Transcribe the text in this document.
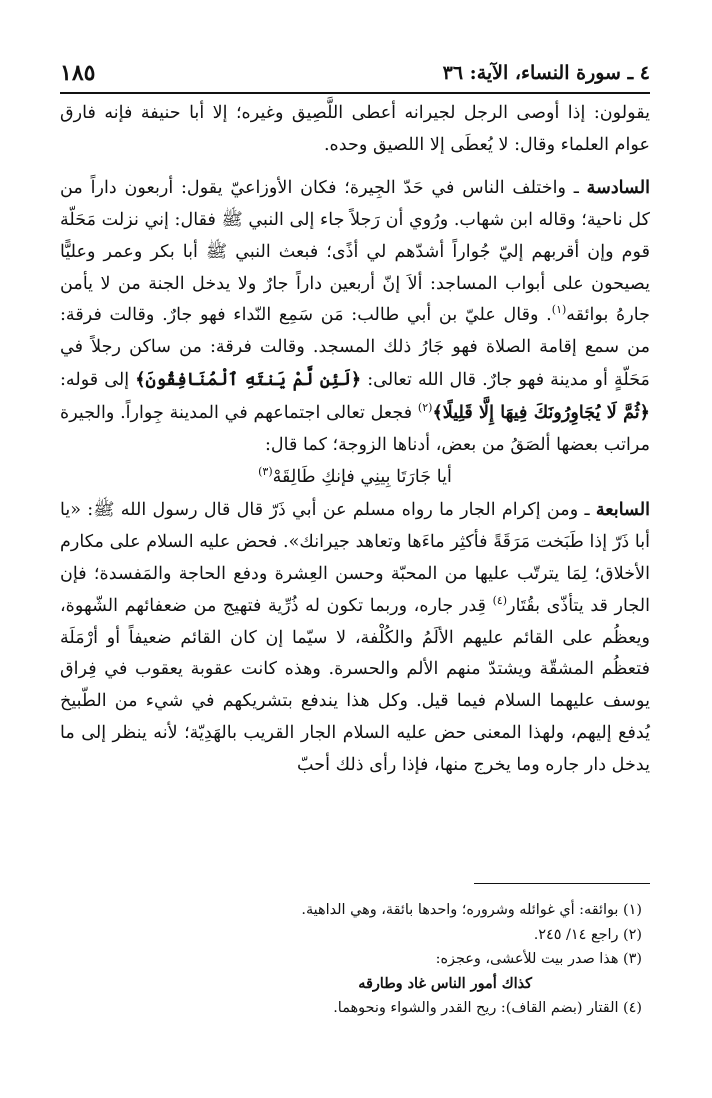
٤ ـ سورة النساء، الآية: ٣٦
١٨٥

يقولون: إذا أوصى الرجل لجيرانه أعطى اللَّصِيق وغيره؛ إلا أبا حنيفة فإنه فارق عوام العلماء وقال: لا يُعطَى إلا اللصيق وحده.

السادسة ـ واختلف الناس في حَدّ الجِيرة؛ فكان الأوزاعيّ يقول: أربعون داراً من كل ناحية؛ وقاله ابن شهاب. ورُوي أن رَجلاً جاء إلى النبي ﷺ فقال: إني نزلت مَحَلّة قوم وإن أقربهم إليّ جُواراً أشدّهم لي أذًى؛ فبعث النبي ﷺ أبا بكر وعمر وعليًّا يصيحون على أبواب المساجد: ألاَ إنّ أربعين داراً جارٌ ولا يدخل الجنة من لا يأمن جارهُ بوائقه$^{(١)}$. وقال عليّ بن أبي طالب: مَن سَمِع النّداء فهو جارٌ. وقالت فرقة: من سمع إقامة الصلاة فهو جَارُ ذلك المسجد. وقالت فرقة: من ساكن رجلاً في مَحَلّةٍ أو مدينة فهو جارٌ. قال الله تعالى: ﴿لَئِن لَّمْ يَنتَهِ ٱلْمُنَافِقُونَ﴾ إلى قوله: ﴿ثُمَّ لَا يُجَاوِرُونَكَ فِيهَا إِلَّا قَلِيلًا﴾$^{(٢)}$ فجعل تعالى اجتماعهم في المدينة جِواراً. والجيرة مراتب بعضها ألصَقُ من بعض، أدناها الزوجة؛ كما قال:

أيا جَارَتَا بِينِي فإنكِ طَالِقَهْ$^{(٣)}$

السابعة ـ ومن إكرام الجار ما رواه مسلم عن أبي ذَرّ قال قال رسول الله ﷺ: «يا أبا ذَرّ إذا طَبَخت مَرَقَةً فأكثِر ماءَها وتعاهد جيرانك». فحض عليه السلام على مكارم الأخلاق؛ لِمَا يترتّب عليها من المحبّة وحسن العِشرة ودفع الحاجة والمَفسدة؛ فإن الجار قد يتأذّى بقُتَار$^{(٤)}$ قِدر جاره، وربما تكون له ذُرِّية فتهيج من ضعفائهم الشّهوة، ويعظُم على القائم عليهم الألَمُ والكُلْفة، لا سيّما إن كان القائم ضعيفاً أو أرْمَلَة فتعظُم المشقّة ويشتدّ منهم الألم والحسرة. وهذه كانت عقوبة يعقوب في فِراق يوسف عليهما السلام فيما قيل. وكل هذا يندفع بتشريكهم في شيء من الطّبيخ يُدفع إليهم، ولهذا المعنى حض عليه السلام الجار القريب بالهَدِيّة؛ لأنه ينظر إلى ما يدخل دار جاره وما يخرج منها، فإذا رأى ذلك أحبّ

(١) بوائقه: أي غوائله وشروره؛ واحدها بائقة، وهي الداهية.

(٢) راجع ١٤/ ٢٤٥.

(٣) هذا صدر بيت للأعشى، وعجزه:

كذاك أمور الناس غاد وطارقه

(٤) القتار (بضم القاف): ريح القدر والشواء ونحوهما.
